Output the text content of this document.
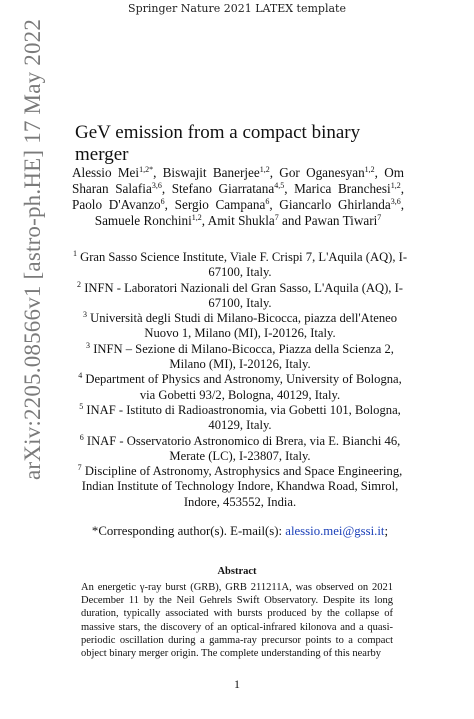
Springer Nature 2021 LATEX template
arXiv:2205.08566v1 [astro-ph.HE] 17 May 2022 GeV emission from a compact binary merger
Alessio Mei$^{1,2*}$, Biswajit Banerjee$^{1,2}$, Gor Oganesyan$^{1,2}$, Om Sharan Salafia$^{3,6}$, Stefano Giarratana$^{4,5}$, Marica Branchesi$^{1,2}$, Paolo D'Avanzo$^6$, Sergio Campana$^6$, Giancarlo Ghirlanda$^{3,6}$, Samuele Ronchini$^{1,2}$, Amit Shukla$^7$ and Pawan Tiwari$^7$
$^1$ Gran Sasso Science Institute, Viale F. Crispi 7, L'Aquila (AQ), I-67100, Italy.
$^2$ INFN - Laboratori Nazionali del Gran Sasso, L'Aquila (AQ), I-67100, Italy.
$^3$ Università degli Studi di Milano-Bicocca, piazza dell'Ateneo Nuovo 1, Milano (MI), I-20126, Italy.
$^3$ INFN – Sezione di Milano-Bicocca, Piazza della Scienza 2, Milano (MI), I-20126, Italy.
$^4$ Department of Physics and Astronomy, University of Bologna, via Gobetti 93/2, Bologna, 40129, Italy.
$^5$ INAF - Istituto di Radioastronomia, via Gobetti 101, Bologna, 40129, Italy.
$^6$ INAF - Osservatorio Astronomico di Brera, via E. Bianchi 46, Merate (LC), I-23807, Italy.
$^7$ Discipline of Astronomy, Astrophysics and Space Engineering, Indian Institute of Technology Indore, Khandwa Road, Simrol, Indore, 453552, India.
*Corresponding author(s). E-mail(s): alessio.mei@gssi.it;
Abstract
An energetic γ-ray burst (GRB), GRB 211211A, was observed on 2021 December 11 by the Neil Gehrels Swift Observatory. Despite its long duration, typically associated with bursts produced by the collapse of massive stars, the discovery of an optical-infrared kilonova and a quasi-periodic oscillation during a gamma-ray precursor points to a compact object binary merger origin. The complete understanding of this nearby
1
